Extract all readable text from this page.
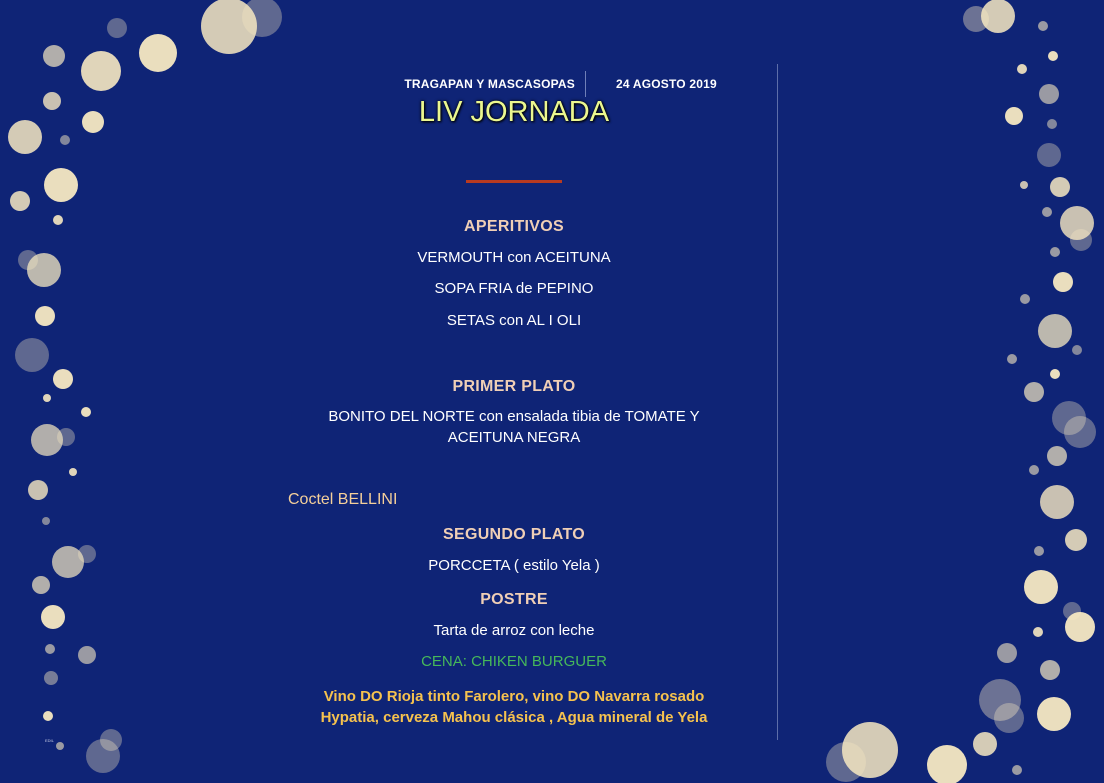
TRAGAPAN Y MASCASOPAS	24 AGOSTO 2019
LIV JORNADA
APERITIVOS
VERMOUTH con ACEITUNA
SOPA FRIA de PEPINO
SETAS con AL I OLI
PRIMER PLATO
BONITO DEL NORTE con ensalada tibia de TOMATE Y
ACEITUNA NEGRA
Coctel BELLINI
SEGUNDO PLATO
PORCCETA ( estilo Yela )
POSTRE
Tarta de arroz con leche
CENA: CHIKEN BURGUER
Vino DO Rioja tinto Farolero, vino DO Navarra rosado
Hypatia, cerveza Mahou clásica , Agua mineral de Yela
EDIL
